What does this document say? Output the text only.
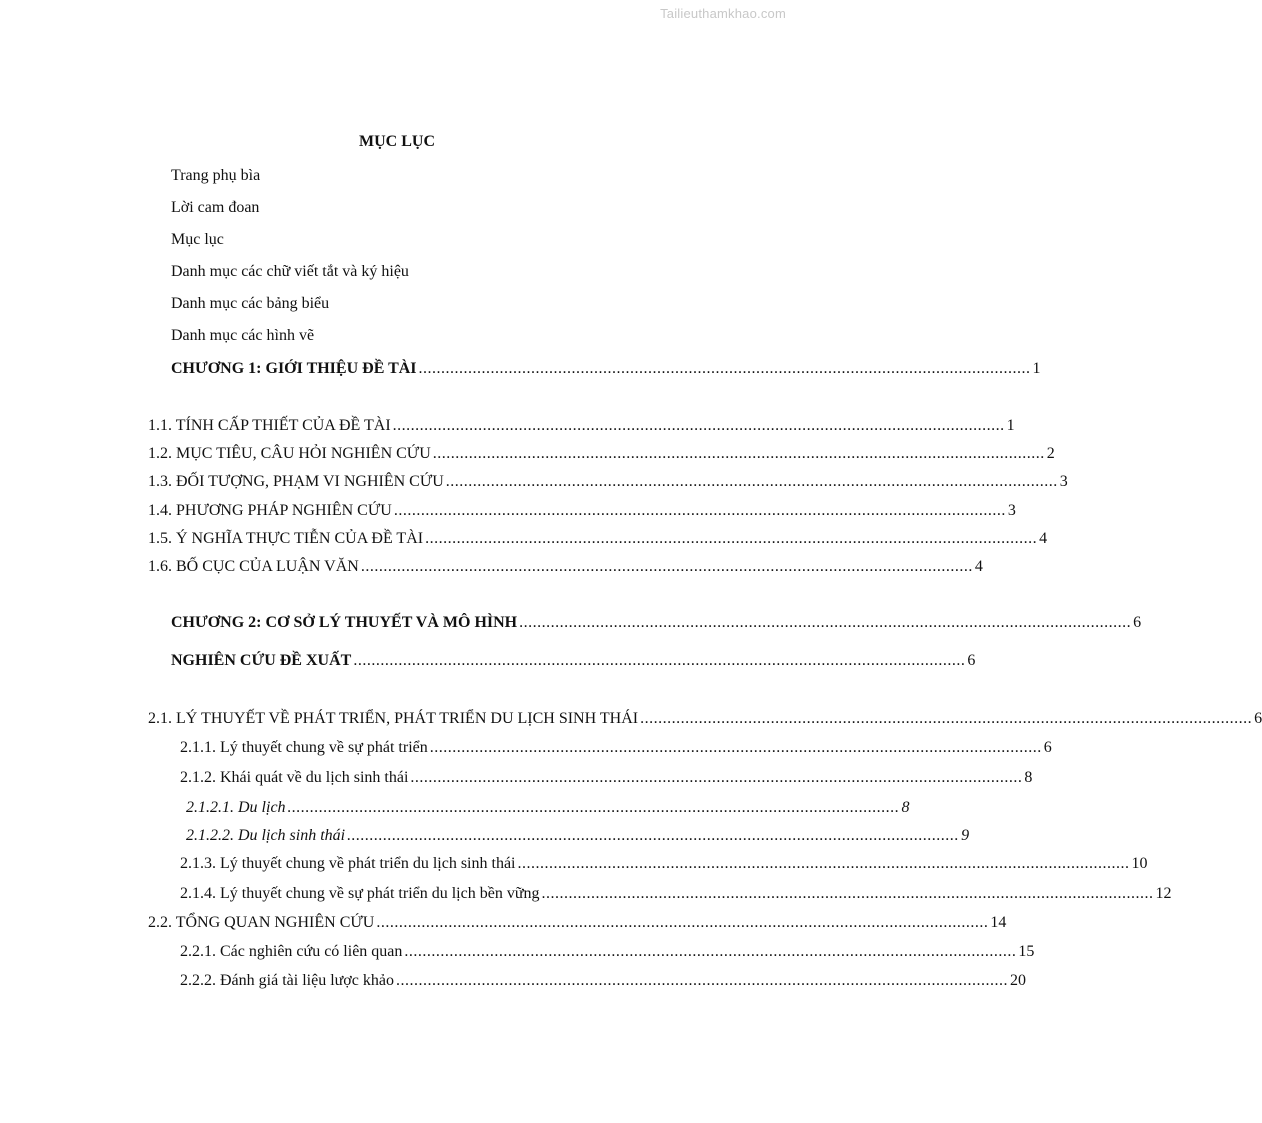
Tailieuthamkhao.com
MỤC LỤC
Trang phụ bìa
Lời cam đoan
Mục lục
Danh mục các chữ viết tắt và ký hiệu
Danh mục các bảng biểu
Danh mục các hình vẽ
CHƯƠNG 1: GIỚI THIỆU ĐỀ TÀI ........................................................................................................................................ 1
1.1. TÍNH CẤP THIẾT CỦA ĐỀ TÀI ........................................................................................................................................ 1
1.2. MỤC TIÊU, CÂU HỎI NGHIÊN CỨU ........................................................................................................................................ 2
1.3. ĐỐI TƯỢNG, PHẠM VI NGHIÊN CỨU ........................................................................................................................................ 3
1.4. PHƯƠNG PHÁP NGHIÊN CỨU ........................................................................................................................................ 3
1.5. Ý NGHĨA THỰC TIỄN CỦA ĐỀ TÀI ........................................................................................................................................ 4
1.6. BỐ CỤC CỦA LUẬN VĂN ........................................................................................................................................ 4
CHƯƠNG 2: CƠ SỞ LÝ THUYẾT VÀ MÔ HÌNH ........................................................................................................................................ 6
NGHIÊN CỨU ĐỀ XUẤT ........................................................................................................................................ 6
2.1. LÝ THUYẾT VỀ PHÁT TRIỂN, PHÁT TRIỂN DU LỊCH SINH THÁI ........................................................................................................................................ 6
2.1.1. Lý thuyết chung về sự phát triển ........................................................................................................................................ 6
2.1.2. Khái quát về du lịch sinh thái ........................................................................................................................................ 8
2.1.2.1. Du lịch ........................................................................................................................................ 8
2.1.2.2. Du lịch sinh thái ........................................................................................................................................ 9
2.1.3. Lý thuyết chung về phát triển du lịch sinh thái ........................................................................................................................................ 10
2.1.4. Lý thuyết chung về sự phát triển du lịch bền vững ........................................................................................................................................ 12
2.2. TỔNG QUAN NGHIÊN CỨU ........................................................................................................................................ 14
2.2.1. Các nghiên cứu có liên quan ........................................................................................................................................ 15
2.2.2. Đánh giá tài liệu lược khảo ........................................................................................................................................ 20
